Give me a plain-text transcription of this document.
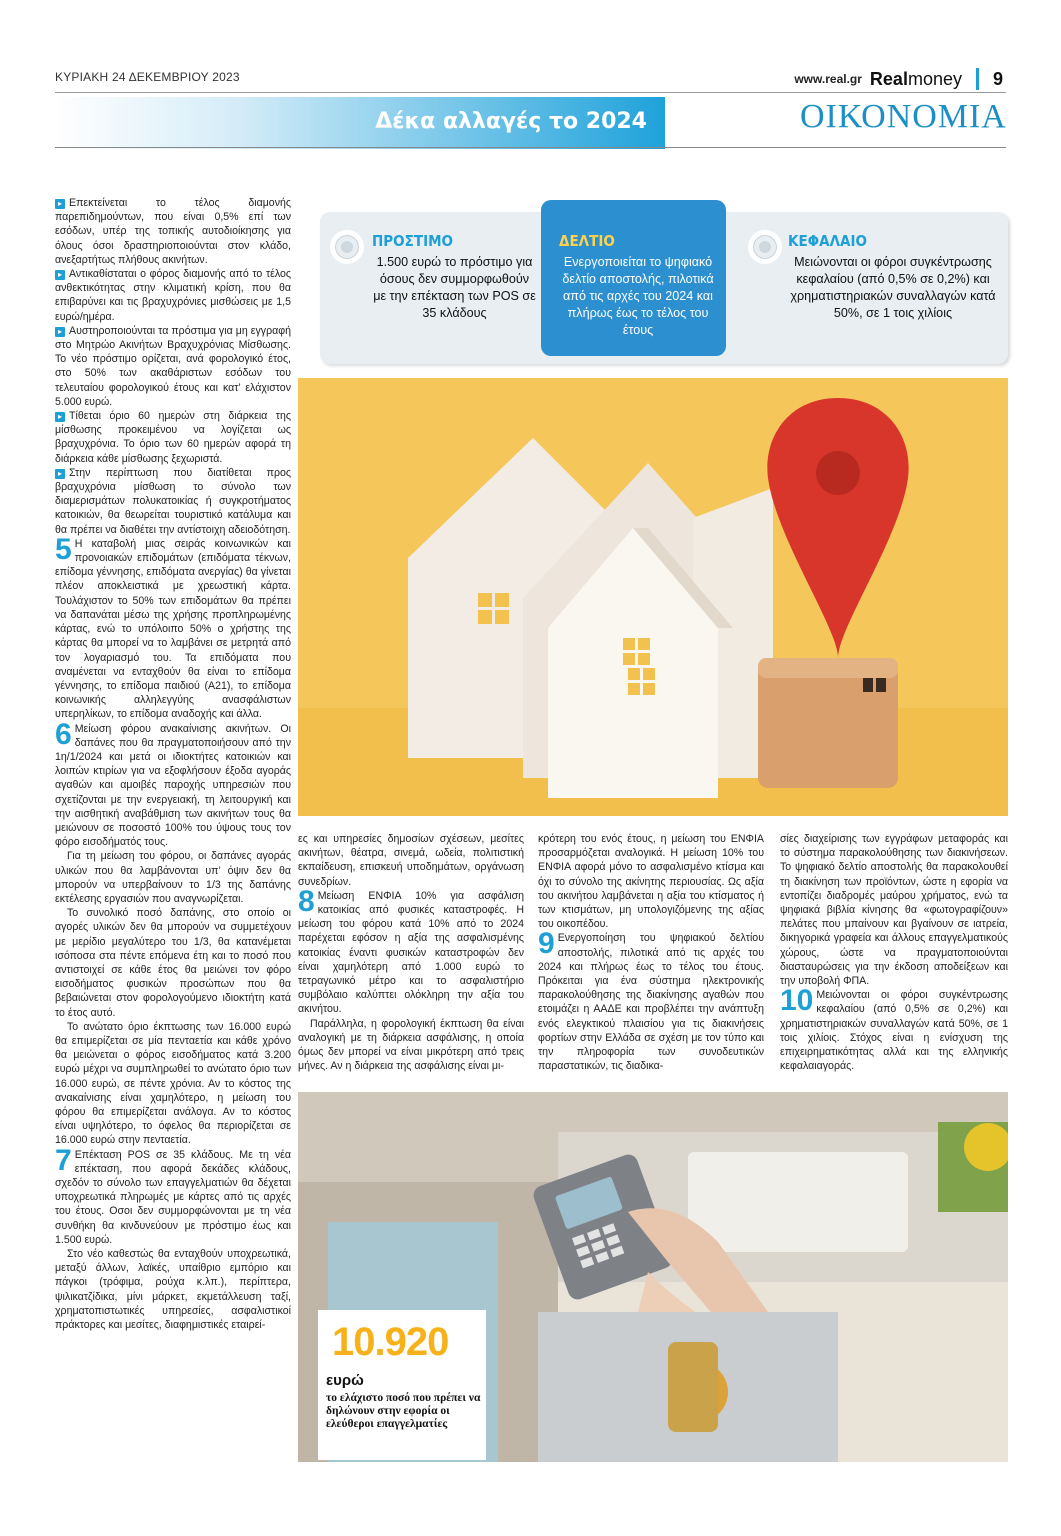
ΚΥΡΙΑΚΗ 24 ΔΕΚΕΜΒΡΙΟΥ 2023	www.real.gr Realmoney 9
Δέκα αλλαγές το 2024	ΟΙΚΟΝΟΜΙΑ

▸ Επεκτείνεται το τέλος διαμονής παρεπιδημούντων, που είναι 0,5% επί των εσόδων, υπέρ της τοπικής αυτοδιοίκησης για όλους όσοι δραστηριοποιούνται στον κλάδο, ανεξαρτήτως πλήθους ακινήτων.

▸ Αντικαθίσταται ο φόρος διαμονής από το τέλος ανθεκτικότητας στην κλιματική κρίση, που θα επιβαρύνει και τις βραχυχρόνιες μισθώσεις με 1,5 ευρώ/ημέρα.

▸ Αυστηροποιούνται τα πρόστιμα για μη εγγραφή στο Μητρώο Ακινήτων Βραχυχρόνιας Μίσθωσης. Το νέο πρόστιμο ορίζεται, ανά φορολογικό έτος, στο 50% των ακαθάριστων εσόδων του τελευταίου φορολογικού έτους και κατ’ ελάχιστον 5.000 ευρώ.

▸ Τίθεται όριο 60 ημερών στη διάρκεια της μίσθωσης προκειμένου να λογίζεται ως βραχυχρόνια. Το όριο των 60 ημερών αφορά τη διάρκεια κάθε μίσθωσης ξεχωριστά.

▸ Στην περίπτωση που διατίθεται προς βραχυχρόνια μίσθωση το σύνολο των διαμερισμάτων πολυκατοικίας ή συγκροτήματος κατοικιών, θα θεωρείται τουριστικό κατάλυμα και θα πρέπει να διαθέτει την αντίστοιχη αδειοδότηση.

5 Η καταβολή μιας σειράς κοινωνικών και προνοιακών επιδομάτων (επιδόματα τέκνων, επίδομα γέννησης, επιδόματα ανεργίας) θα γίνεται πλέον αποκλειστικά με χρεωστική κάρτα. Τουλάχιστον το 50% των επιδομάτων θα πρέπει να δαπανάται μέσω της χρήσης προπληρωμένης κάρτας, ενώ το υπόλοιπο 50% ο χρήστης της κάρτας θα μπορεί να το λαμβάνει σε μετρητά από τον λογαριασμό του. Τα επιδόματα που αναμένεται να ενταχθούν θα είναι το επίδομα γέννησης, το επίδομα παιδιού (Α21), το επίδομα κοινωνικής αλληλεγγύης ανασφάλιστων υπερηλίκων, το επίδομα αναδοχής και άλλα.

6 Μείωση φόρου ανακαίνισης ακινήτων. Οι δαπάνες που θα πραγματοποιήσουν από την 1η/1/2024 και μετά οι ιδιοκτήτες κατοικιών και λοιπών κτιρίων για να εξοφλήσουν έξοδα αγοράς αγαθών και αμοιβές παροχής υπηρεσιών που σχετίζονται με την ενεργειακή, τη λειτουργική και την αισθητική αναβάθμιση των ακινήτων τους θα μειώνουν σε ποσοστό 100% του ύψους τους τον φόρο εισοδήματός τους.

Για τη μείωση του φόρου, οι δαπάνες αγοράς υλικών που θα λαμβάνονται υπ’ όψιν δεν θα μπορούν να υπερβαίνουν το 1/3 της δαπάνης εκτέλεσης εργασιών που αναγνωρίζεται.

Το συνολικό ποσό δαπάνης, στο οποίο οι αγορές υλικών δεν θα μπορούν να συμμετέχουν με μερίδιο μεγαλύτερο του 1/3, θα κατανέμεται ισόποσα στα πέντε επόμενα έτη και το ποσό που αντιστοιχεί σε κάθε έτος θα μειώνει τον φόρο εισοδήματος φυσικών προσώπων που θα βεβαιώνεται στον φορολογούμενο ιδιοκτήτη κατά το έτος αυτό.

Το ανώτατο όριο έκπτωσης των 16.000 ευρώ θα επιμερίζεται σε μία πενταετία και κάθε χρόνο θα μειώνεται ο φόρος εισοδήματος κατά 3.200 ευρώ μέχρι να συμπληρωθεί το ανώτατο όριο των 16.000 ευρώ, σε πέντε χρόνια. Αν το κόστος της ανακαίνισης είναι χαμηλότερο, η μείωση του φόρου θα επιμερίζεται ανάλογα. Αν το κόστος είναι υψηλότερο, το όφελος θα περιορίζεται σε 16.000 ευρώ στην πενταετία.

7 Επέκταση POS σε 35 κλάδους. Με τη νέα επέκταση, που αφορά δεκάδες κλάδους, σχεδόν το σύνολο των επαγγελματιών θα δέχεται υποχρεωτικά πληρωμές με κάρτες από τις αρχές του έτους. Οσοι δεν συμμορφώνονται με τη νέα συνθήκη θα κινδυνεύουν με πρόστιμο έως και 1.500 ευρώ.

Στο νέο καθεστώς θα ενταχθούν υποχρεωτικά, μεταξύ άλλων, λαϊκές, υπαίθριο εμπόριο και πάγκοι (τρόφιμα, ρούχα κ.λπ.), περίπτερα, ψιλικατζίδικα, μίνι μάρκετ, εκμετάλλευση ταξί, χρηματοπιστωτικές υπηρεσίες, ασφαλιστικοί πράκτορες και μεσίτες, διαφημιστικές εταιρεί-

ΠΡΟΣΤΙΜΟ
1.500 ευρώ το πρόστιμο για όσους δεν συμμορφωθούν με την επέκταση των POS σε 35 κλάδους
ΚΕΦΑΛΑΙΟ
Μειώνονται οι φόροι συγκέντρωσης κεφαλαίου (από 0,5% σε 0,2%) και χρηματιστηριακών συναλλαγών κατά 50%, σε 1 τοις χιλίοις
ΔΕΛΤΙΟ
Ενεργοποιείται το ψηφιακό δελτίο αποστολής, πιλοτικά από τις αρχές του 2024 και πλήρως έως το τέλος του έτους

ες και υπηρεσίες δημοσίων σχέσεων, μεσίτες ακινήτων, θέατρα, σινεμά, ωδεία, πολιτιστική εκπαίδευση, επισκευή υποδημάτων, οργάνωση συνεδρίων.

8 Μείωση ΕΝΦΙΑ 10% για ασφάλιση κατοικίας από φυσικές καταστροφές. Η μείωση του φόρου κατά 10% από το 2024 παρέχεται εφόσον η αξία της ασφαλισμένης κατοικίας έναντι φυσικών καταστροφών δεν είναι χαμηλότερη από 1.000 ευρώ το τετραγωνικό μέτρο και το ασφαλιστήριο συμβόλαιο καλύπτει ολόκληρη την αξία του ακινήτου.

Παράλληλα, η φορολογική έκπτωση θα είναι αναλογική με τη διάρκεια ασφάλισης, η οποία όμως δεν μπορεί να είναι μικρότερη από τρεις μήνες. Αν η διάρκεια της ασφάλισης είναι μι-

κρότερη του ενός έτους, η μείωση του ΕΝΦΙΑ προσαρμόζεται αναλογικά. Η μείωση 10% του ΕΝΦΙΑ αφορά μόνο το ασφαλισμένο κτίσμα και όχι το σύνολο της ακίνητης περιουσίας. Ως αξία του ακινήτου λαμβάνεται η αξία του κτίσματος ή των κτισμάτων, μη υπολογιζόμενης της αξίας του οικοπέδου.

9 Ενεργοποίηση του ψηφιακού δελτίου αποστολής, πιλοτικά από τις αρχές του 2024 και πλήρως έως το τέλος του έτους. Πρόκειται για ένα σύστημα ηλεκτρονικής παρακολούθησης της διακίνησης αγαθών που ετοιμάζει η ΑΑΔΕ και προβλέπει την ανάπτυξη ενός ελεγκτικού πλαισίου για τις διακινήσεις φορτίων στην Ελλάδα σε σχέση με τον τύπο και την πληροφορία των συνοδευτικών παραστατικών, τις διαδικα-

σίες διαχείρισης των εγγράφων μεταφοράς και το σύστημα παρακολούθησης των διακινήσεων. Το ψηφιακό δελτίο αποστολής θα παρακολουθεί τη διακίνηση των προϊόντων, ώστε η εφορία να εντοπίζει διαδρομές μαύρου χρήματος, ενώ τα ψηφιακά βιβλία κίνησης θα «φωτογραφίζουν» πελάτες που μπαίνουν και βγαίνουν σε ιατρεία, δικηγορικά γραφεία και άλλους επαγγελματικούς χώρους, ώστε να πραγματοποιούνται διασταυρώσεις για την έκδοση αποδείξεων και την υποβολή ΦΠΑ.

10 Μειώνονται οι φόροι συγκέντρωσης κεφαλαίου (από 0,5% σε 0,2%) και χρηματιστηριακών συναλλαγών κατά 50%, σε 1 τοις χιλίοις. Στόχος είναι η ενίσχυση της επιχειρηματικότητας αλλά και της ελληνικής κεφαλαιαγοράς.

10.920
ευρώ
το ελάχιστο ποσό που πρέπει να δηλώνουν στην εφορία οι ελεύθεροι επαγγελματίες
